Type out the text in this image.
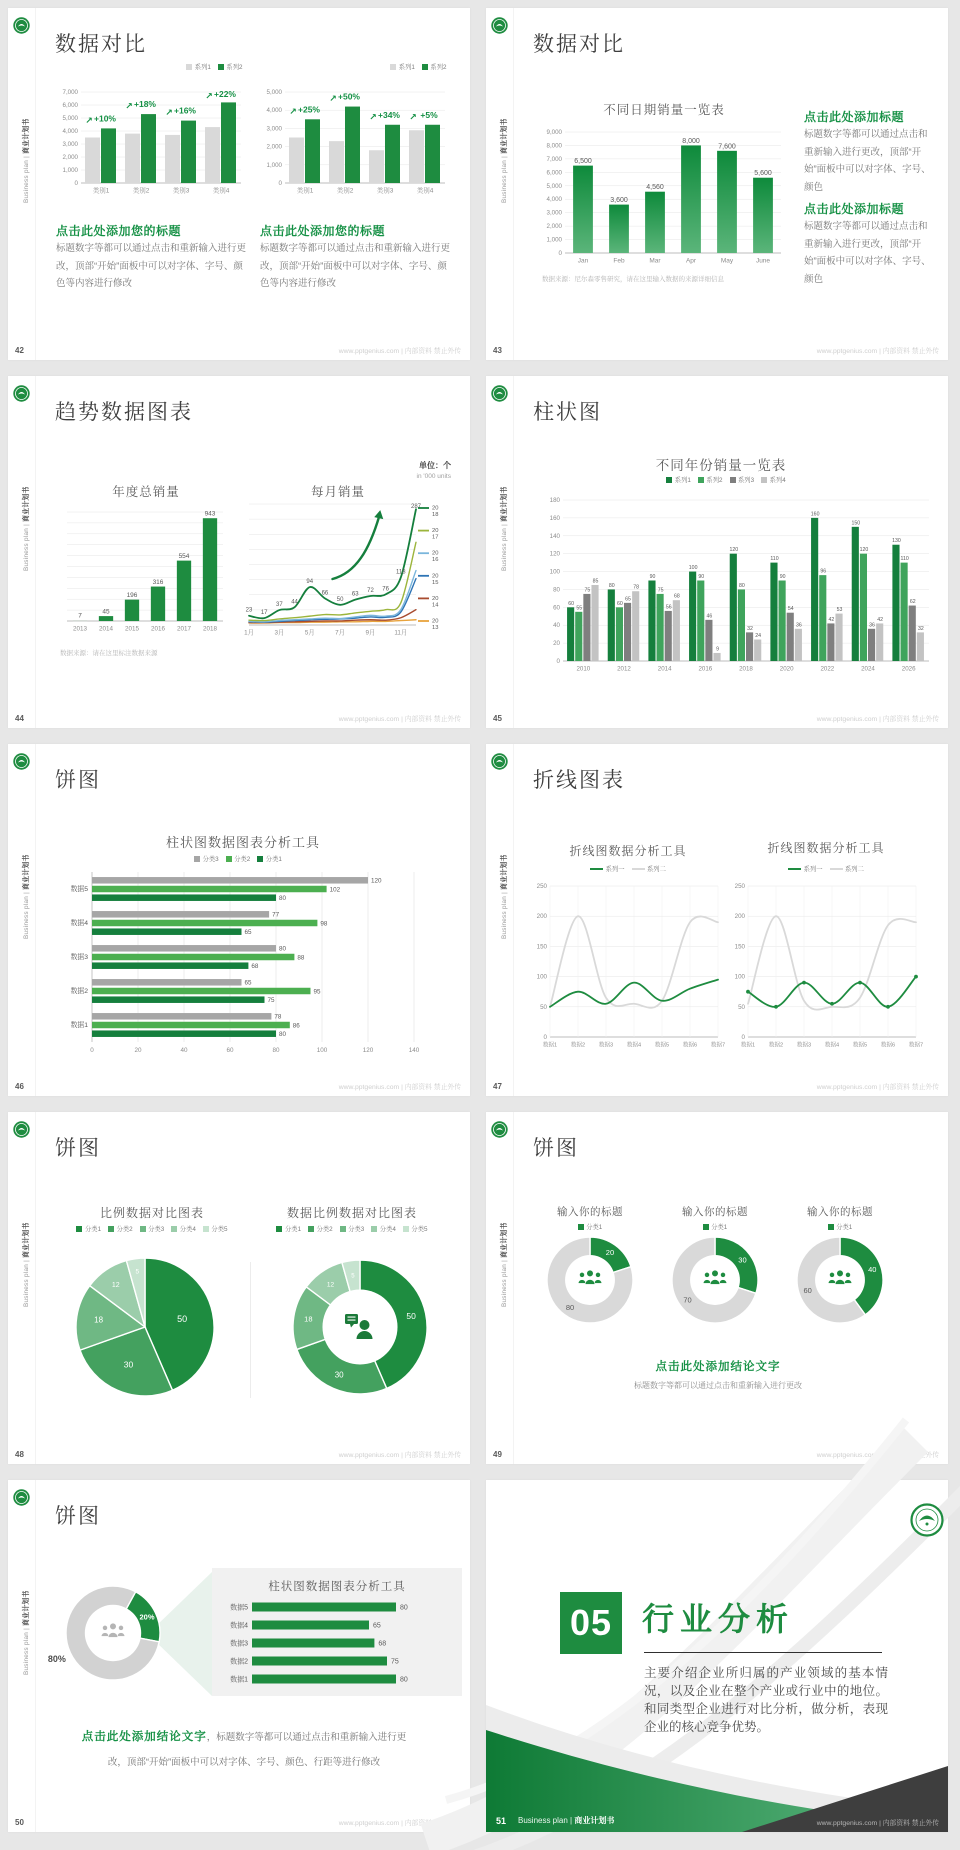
Business plan | 商业计划书
数据对比
系列1 系列2
7,000
6,000
5,000
4,000
3,000
2,000
1,000
0
类别1
↗ +10%
类别2
↗ +18%
类别3
↗ +16%
类别4
↗ +22%
系列1 系列2
5,000
4,000
3,000
2,000
1,000
0
类别1
↗ +25%
类别2
↗ +50%
类别3
↗ +34%
类别4
↗ +5%
点击此处添加您的标题
标题数字等都可以通过点击和重新输入进行更改，顶部“开始”面板中可以对字体、字号、颜色等内容进行修改
点击此处添加您的标题
标题数字等都可以通过点击和重新输入进行更改，顶部“开始”面板中可以对字体、字号、颜色等内容进行修改
42	www.pptgenius.com | 内部资料 禁止外传
Business plan | 商业计划书
数据对比
不同日期销量一览表
9,000
8,000
7,000
6,000
5,000
4,000
3,000
2,000
1,000
0
6,500
Jan
3,600
Feb
4,560
Mar
8,000
Apr
7,600
May
5,600
June
数据来源：尼尔森零售研究，请在这里输入数据的来源详细信息
点击此处添加标题
标题数字等都可以通过点击和重新输入进行更改，顶部“开始”面板中可以对字体、字号、颜色
点击此处添加标题
标题数字等都可以通过点击和重新输入进行更改，顶部“开始”面板中可以对字体、字号、颜色
43	www.pptgenius.com | 内部资料 禁止外传
Business plan | 商业计划书
趋势数据图表
单位：个
in '000 units
年度总销量
7
2013
45
2014
196
2015
316
2016
554
2017
943
2018
每月销量
23 17
37 44
94
66
50
63
72 76
118
287
1月	3月	5月	7月	9月	11月
20
18
20
17
20
16
20
15
20
14
20
13
数据来源：请在这里标注数据来源
44	www.pptgenius.com | 内部资料 禁止外传
Business plan | 商业计划书
柱状图
不同年份销量一览表
系列1 系列2 系列3 系列4
180
160
140
120
100
80
60
40
20
0
60
55
75
85
2010
80
60
65
78
2012
90
75
56
68
2014
100
90
46
9
2016
120
80
32
24
2018
110
90
54
36
2020
160
96
42
53
2022
150
120
36
42
2024
130
110
62
32
2026
45	www.pptgenius.com | 内部资料 禁止外传
Business plan | 商业计划书
饼图
柱状图数据图表分析工具
分类3 分类2 分类1
0	20	40	60	80	100	120	140
数据5
120
102
80
数据4
77
98
65
数据3
80
88
68
数据2
65
95
75
数据1
78
86
80
46	www.pptgenius.com | 内部资料 禁止外传
Business plan | 商业计划书
折线图表
折线图数据分析工具	折线图数据分析工具
系列一	系列二	系列一	系列二
250
200
150
100
50
0
数据1 数据2 数据3 数据4 数据5 数据6 数据7
250
200
150
100
50
0
数据1 数据2 数据3 数据4 数据5 数据6 数据7
47	www.pptgenius.com | 内部资料 禁止外传
Business plan | 商业计划书
饼图
比例数据对比图表	数据比例数据对比图表
分类1 分类2 分类3 分类4 分类5	分类1 分类2 分类3 分类4 分类5
50
30
18
12
5
50
30
18
12
5
48	www.pptgenius.com | 内部资料 禁止外传
Business plan | 商业计划书
饼图
输入你的标题	输入你的标题	输入你的标题
分类1	分类1	分类1
20
80
30
70
40
60
点击此处添加结论文字
标题数字等都可以通过点击和重新输入进行更改
49	www.pptgenius.com | 内部资料 禁止外传
Business plan | 商业计划书
饼图
20%
80%
柱状图数据图表分析工具
数据5	80
数据4	65
数据3	68
数据2	75
数据1	80
点击此处添加结论文字，标题数字等都可以通过点击和重新输入进行更改，顶部“开始”面板中可以对字体、字号、颜色、行距等进行修改
50	www.pptgenius.com | 内部资料 禁止外传
05 行业分析
主要介绍企业所归属的产业领域的基本情况，以及企业在整个产业或行业中的地位。和同类型企业进行对比分析，做分析，表现企业的核心竞争优势。
51 Business plan | 商业计划书	www.pptgenius.com | 内部资料 禁止外传
